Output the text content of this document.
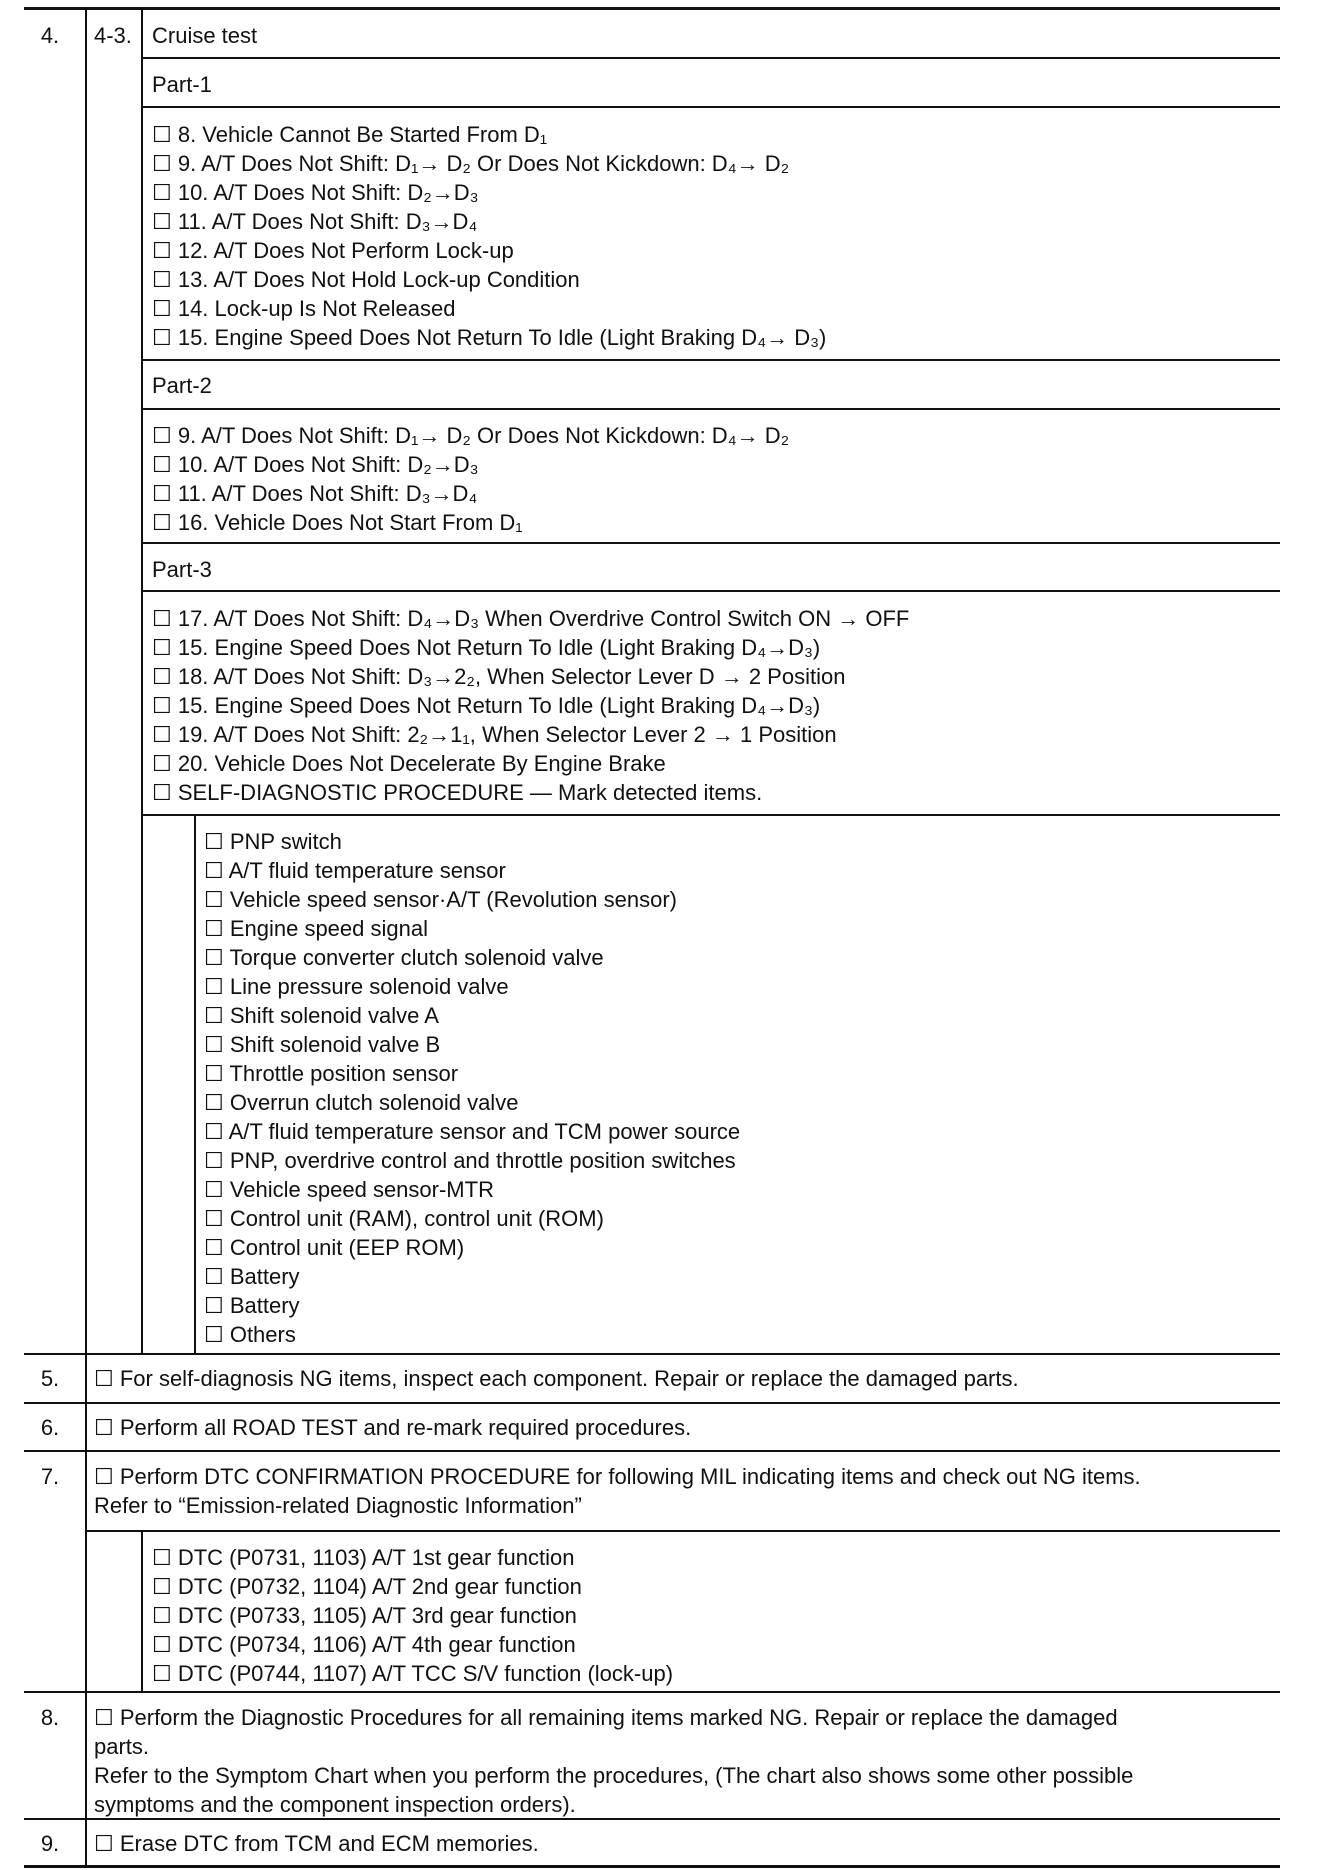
4.	4-3. Cruise test
Part-1
☐ 8. Vehicle Cannot Be Started From D₁
☐ 9. A/T Does Not Shift: D₁→ D₂ Or Does Not Kickdown: D₄→ D₂
☐ 10. A/T Does Not Shift: D₂→D₃
☐ 11. A/T Does Not Shift: D₃→D₄
☐ 12. A/T Does Not Perform Lock-up
☐ 13. A/T Does Not Hold Lock-up Condition
☐ 14. Lock-up Is Not Released
☐ 15. Engine Speed Does Not Return To Idle (Light Braking D₄→ D₃)
Part-2
☐ 9. A/T Does Not Shift: D₁→ D₂ Or Does Not Kickdown: D₄→ D₂
☐ 10. A/T Does Not Shift: D₂→D₃
☐ 11. A/T Does Not Shift: D₃→D₄
☐ 16. Vehicle Does Not Start From D₁
Part-3
☐ 17. A/T Does Not Shift: D₄→D₃ When Overdrive Control Switch ON → OFF
☐ 15. Engine Speed Does Not Return To Idle (Light Braking D₄→D₃)
☐ 18. A/T Does Not Shift: D₃→2₂, When Selector Lever D → 2 Position
☐ 15. Engine Speed Does Not Return To Idle (Light Braking D₄→D₃)
☐ 19. A/T Does Not Shift: 2₂→1₁, When Selector Lever 2 → 1 Position
☐ 20. Vehicle Does Not Decelerate By Engine Brake
☐ SELF-DIAGNOSTIC PROCEDURE — Mark detected items.
☐ PNP switch
☐ A/T fluid temperature sensor
☐ Vehicle speed sensor·A/T (Revolution sensor)
☐ Engine speed signal
☐ Torque converter clutch solenoid valve
☐ Line pressure solenoid valve
☐ Shift solenoid valve A
☐ Shift solenoid valve B
☐ Throttle position sensor
☐ Overrun clutch solenoid valve
☐ A/T fluid temperature sensor and TCM power source
☐ PNP, overdrive control and throttle position switches
☐ Vehicle speed sensor-MTR
☐ Control unit (RAM), control unit (ROM)
☐ Control unit (EEP ROM)
☐ Battery
☐ Battery
☐ Others
5.	☐ For self-diagnosis NG items, inspect each component. Repair or replace the damaged parts.
6.	☐ Perform all ROAD TEST and re-mark required procedures.
7.	☐ Perform DTC CONFIRMATION PROCEDURE for following MIL indicating items and check out NG items.
Refer to “Emission-related Diagnostic Information”
☐ DTC (P0731, 1103) A/T 1st gear function
☐ DTC (P0732, 1104) A/T 2nd gear function
☐ DTC (P0733, 1105) A/T 3rd gear function
☐ DTC (P0734, 1106) A/T 4th gear function
☐ DTC (P0744, 1107) A/T TCC S/V function (lock-up)
8.	☐ Perform the Diagnostic Procedures for all remaining items marked NG. Repair or replace the damaged
parts.
Refer to the Symptom Chart when you perform the procedures, (The chart also shows some other possible
symptoms and the component inspection orders).
9.	☐ Erase DTC from TCM and ECM memories.
